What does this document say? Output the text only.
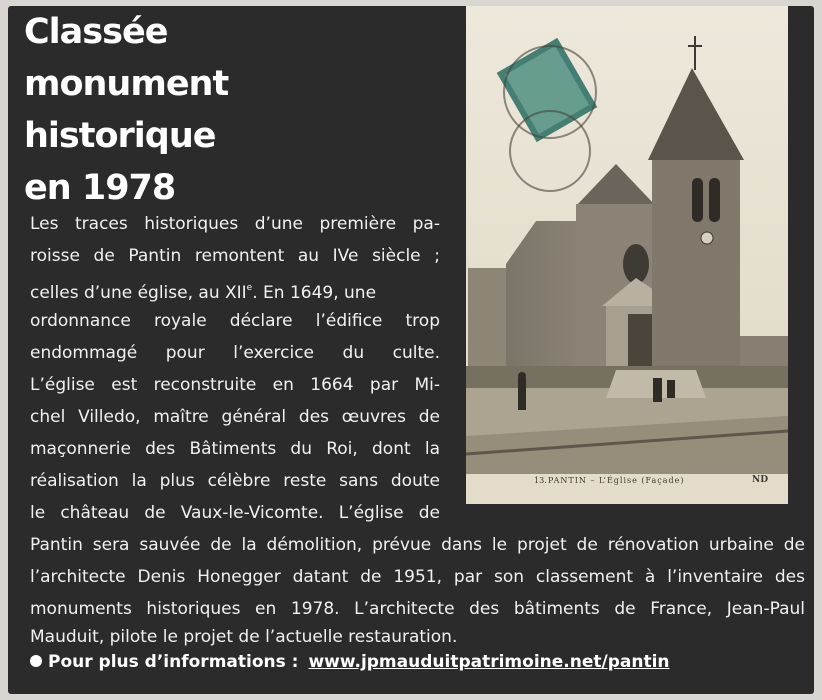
Classée
monument
historique
en 1978
13. PANTIN – L’Église (Façade)	ND

Les traces historiques d’une première pa-

roisse de Pantin remontent au IVe siècle ;

celles d’une église, au XIIe. En 1649, une

ordonnance royale déclare l’édifice trop

endommagé pour l’exercice du culte.

L’église est reconstruite en 1664 par Mi-

chel Villedo, maître général des œuvres de

maçonnerie des Bâtiments du Roi, dont la

réalisation la plus célèbre reste sans doute

le château de Vaux-le-Vicomte. L’église de

Pantin sera sauvée de la démolition, prévue dans le projet de rénovation urbaine de

l’architecte Denis Honegger datant de 1951, par son classement à l’inventaire des

monuments historiques en 1978. L’architecte des bâtiments de France, Jean-Paul

Mauduit, pilote le projet de l’actuelle restauration.

Pour plus d’informations : www.jpmauduitpatrimoine.net/pantin
